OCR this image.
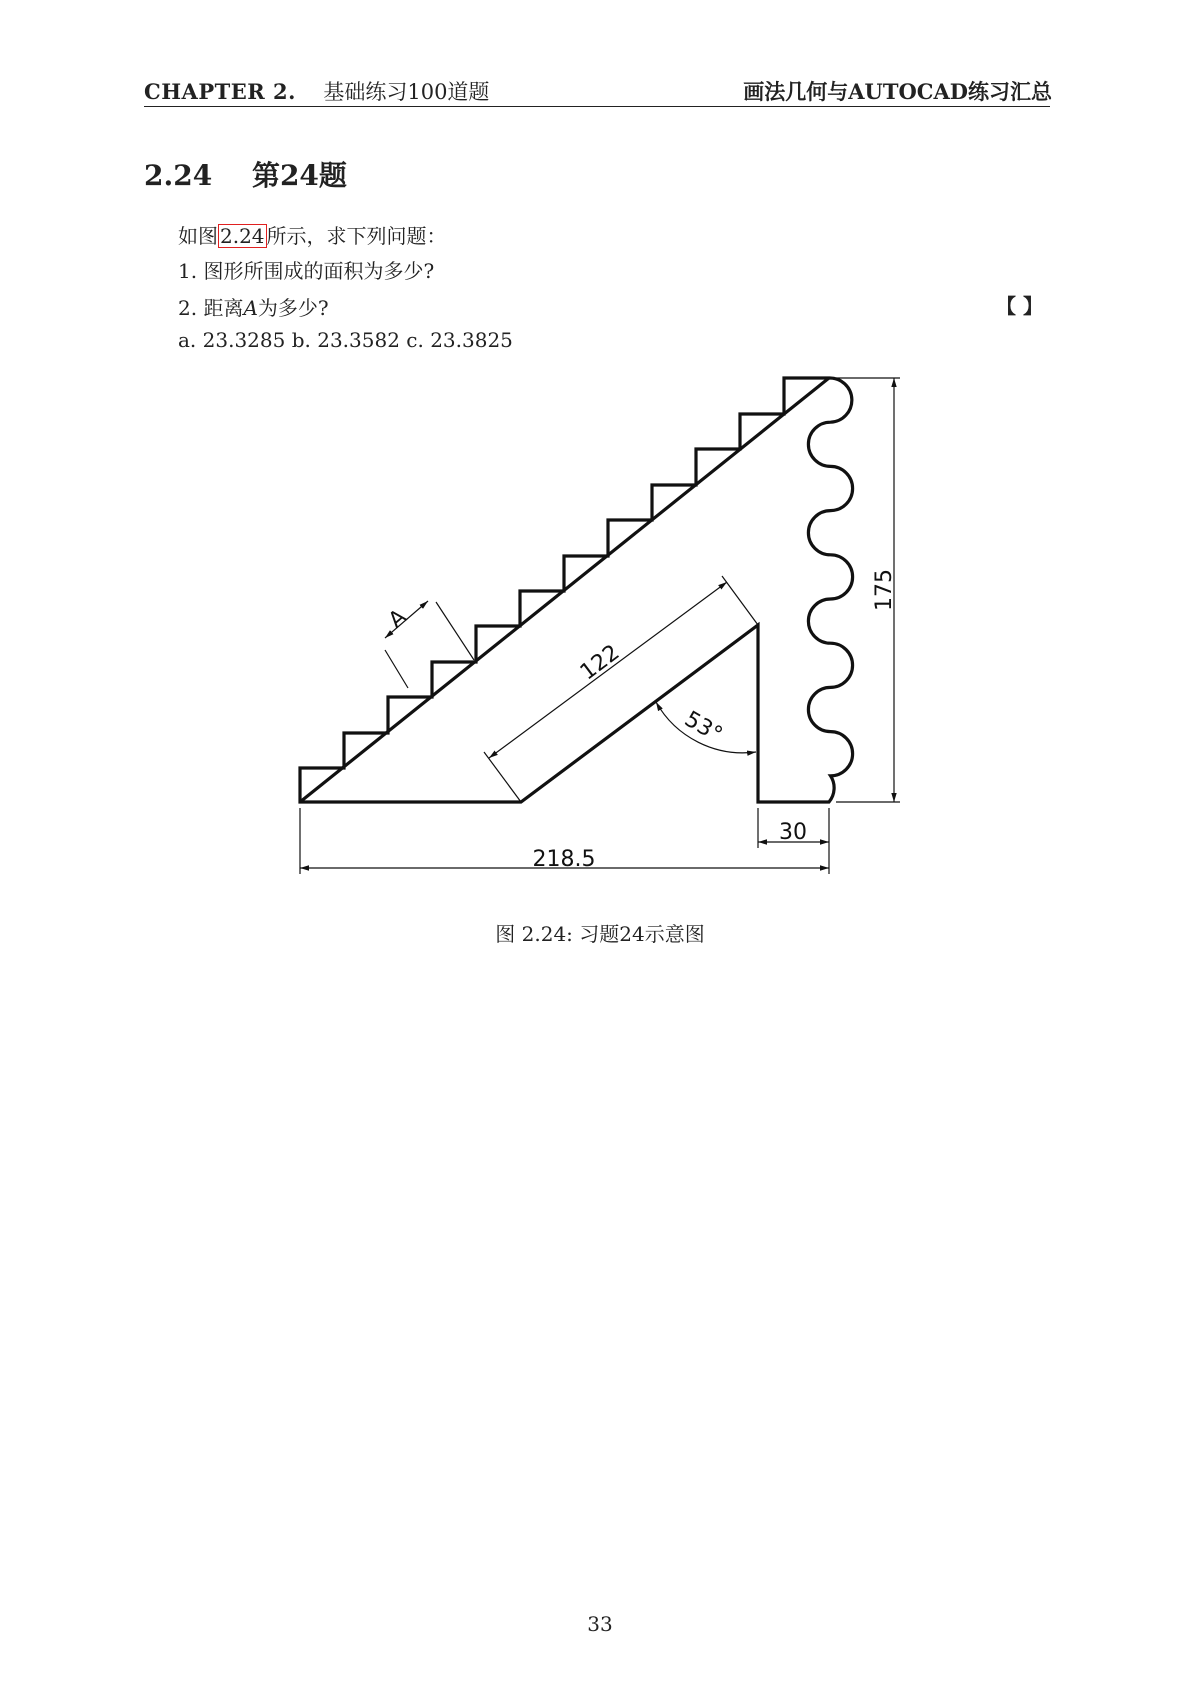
CHAPTER 2. 基础练习100道题	画法几何与AUTOCAD练习汇总
2.24 第24题
如图 2.24 所示，求下列问题：
1. 图形所围成的面积为多少?
2. 距离A为多少?	【 】
a. 23.3285 b. 23.3582 c. 23.3825
A
122
53°
175
30
218.5
图 2.24: 习题24示意图
33
